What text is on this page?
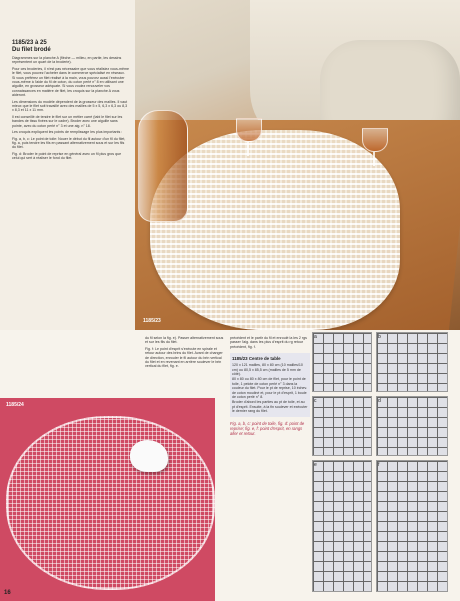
1185/23
1185/23 à 25
Du filet brodé

Diagrammes sur la planche A (flèche — milieu, en partie, les dessins représentent un quart de la broderie).

Pour ces broderies, il n'est pas nécessaire que vous réalisiez vous-même le filet, vous pouvez l'acheter dans le commerce spécialisé en réseaux. Si vous préférez un filet réalisé à la main, vous pouvez aussi l'exécuter vous-même à l'aide du fil de coton, du coton perlé n° 8 en utilisant une aiguille, en grosseur adéquate. Si vous voulez renouveler vos connaissances en matière de filet, les croquis sur la planche A vous aideront.

Les dimensions du modèle dépendent de la grosseur des mailles. Il vaut mieux que le filet soit travaillé avec des mailles de 5 x 5, 6,3 x 6,3 ou 8,3 x 8,3 et 11 x 11 mm.

Il est conseillé de tendre le filet sur un métier carré (tabi le filet sur les bandes de tissu fixées sur le cadre). Broder avec une aiguille sans pointe, avec du coton perlé n° 3 et une aig. n° 18.

Les croquis expliquent les points de remplissage les plus importants :

Fig. a, b, c: Le point de toile: Nouer le début du fil autour d'un fil du filet, fig. a, puis tendre les fils en passant alternativement sous et sur les fils du filet.

Fig. d: Broder le point de reprise en général avec un fil plus gros que celui qui sert à réaliser le fond du filet.

du fil selon la fig. e). Passer alternativement sous et sur les fils du filet.

Fig. f: Le point d'esprit s'exécute en spirale et retour autour des brins du filet. Avant de changer de direction, enrouler le fil autour du brin vertical du filet et en revenant en arrière soulever le brin vertical du filet, fig. e.

précédent et le partir du fil et enroulé la les 2 rgs passer l'aig. dans les plus d'esprit du rg retour précédent, fig. f.

1185/23 Centre de table

120 x 121 mailles, 80 x 80 cm (10 mailles/10 cm) ou 80,5 x 85,5 cm (mailles de 5 mm de côté).

80 x 80 ou 80 x 80 cm de filet, pour le point de toile, 1 pelote de coton perlé n° 3 dans la couleur du filet. Pour le pt de reprise, 10 échev. de coton mouliné et, pour le pt d'esprit, 1 boule de coton perlé n° 8.

Broder d'abord les parties au pt de toile, et au pt d'esprit. Ensuite, à la fin soulever et exécuter le dernier rang du filet.

Fig. a, b, c: point de toile, fig. d: point de reprise; fig. e, f: point d'esprit, en rangs aller et retour.

a	b
c	d
e	f
1185/24
16
